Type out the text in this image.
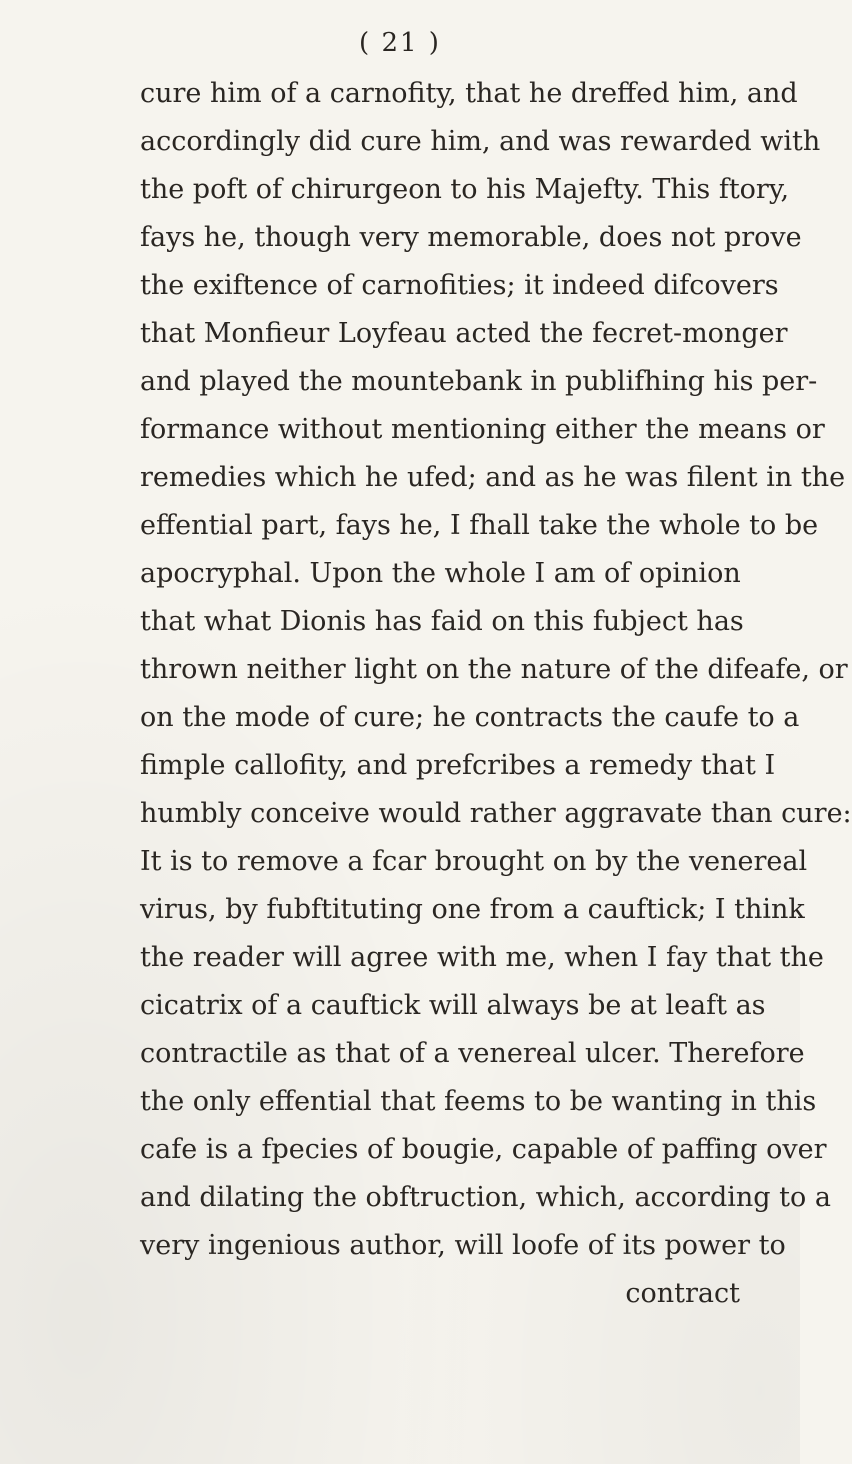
( 21 )
cure him of a carnofity, that he dreffed him, and
accordingly did cure him, and was rewarded with
the poft of chirurgeon to his Majefty. This ftory,
fays he, though very memorable, does not prove
the exiftence of carnofities; it indeed difcovers
that Monfieur Loyfeau acted the fecret-monger
and played the mountebank in publifhing his per-
formance without mentioning either the means or
remedies which he ufed; and as he was filent in the
effential part, fays he, I fhall take the whole to be
apocryphal. Upon the whole I am of opinion
that what Dionis has faid on this fubject has
thrown neither light on the nature of the difeafe, or
on the mode of cure; he contracts the caufe to a
fimple callofity, and prefcribes a remedy that I
humbly conceive would rather aggravate than cure:
It is to remove a fcar brought on by the venereal
virus, by fubftituting one from a cauftick; I think
the reader will agree with me, when I fay that the
cicatrix of a cauftick will always be at leaft as
contractile as that of a venereal ulcer. Therefore
the only effential that feems to be wanting in this
cafe is a fpecies of bougie, capable of paffing over
and dilating the obftruction, which, according to a
very ingenious author, will loofe of its power to
contract
